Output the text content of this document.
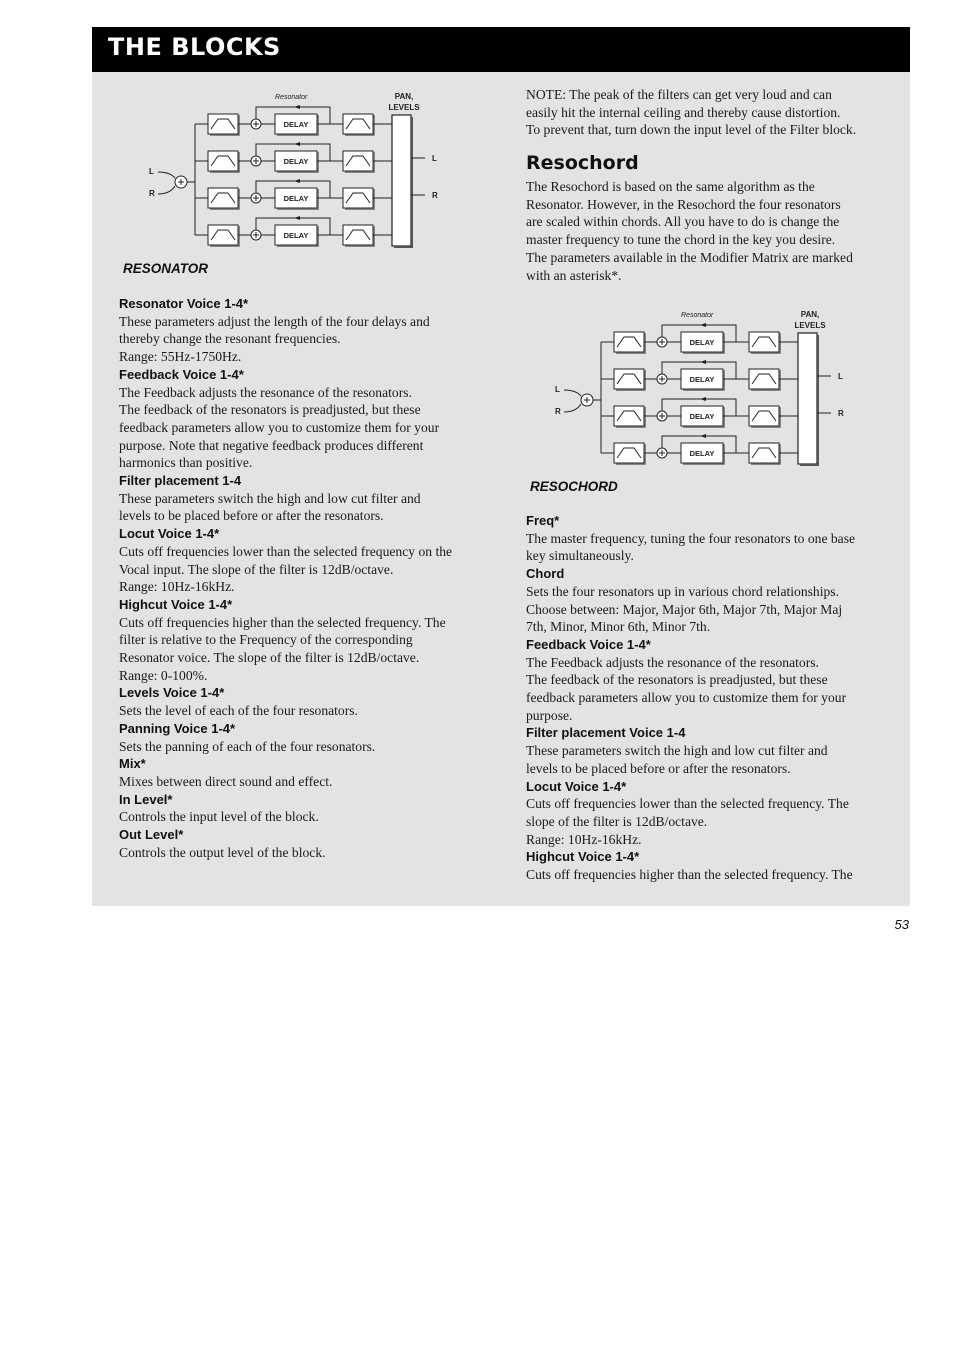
THE BLOCKS
Resonator	PAN,
LEVELS
L
R
L
R
DELAY
DELAY
DELAY
DELAY
RESONATOR
Resonator Voice 1-4*
These parameters adjust the length of the four delays and
thereby change the resonant frequencies.
Range: 55Hz-1750Hz.
Feedback Voice 1-4*
The Feedback adjusts the resonance of the resonators.
The feedback of the resonators is preadjusted, but these
feedback parameters allow you to customize them for your
purpose. Note that negative feedback produces different
harmonics than positive.
Filter placement 1-4
These parameters switch the high and low cut filter and
levels to be placed before or after the resonators.
Locut Voice 1-4*
Cuts off frequencies lower than the selected frequency on the
Vocal input. The slope of the filter is 12dB/octave.
Range: 10Hz-16kHz.
Highcut Voice 1-4*
Cuts off frequencies higher than the selected frequency. The
filter is relative to the Frequency of the corresponding
Resonator voice. The slope of the filter is 12dB/octave.
Range: 0-100%.
Levels Voice 1-4*
Sets the level of each of the four resonators.
Panning Voice 1-4*
Sets the panning of each of the four resonators.
Mix*
Mixes between direct sound and effect.
In Level*
Controls the input level of the block.
Out Level*
Controls the output level of the block.
NOTE: The peak of the filters can get very loud and can
easily hit the internal ceiling and thereby cause distortion.
To prevent that, turn down the input level of the Filter block.
Resochord
The Resochord is based on the same algorithm as the
Resonator. However, in the Resochord the four resonators
are scaled within chords. All you have to do is change the
master frequency to tune the chord in the key you desire.
The parameters available in the Modifier Matrix are marked
with an asterisk*.
Resonator	PAN,
LEVELS
L
R
L
R
DELAY
DELAY
DELAY
DELAY
RESOCHORD
Freq*
The master frequency, tuning the four resonators to one base
key simultaneously.
Chord
Sets the four resonators up in various chord relationships.
Choose between: Major, Major 6th, Major 7th, Major Maj
7th, Minor, Minor 6th, Minor 7th.
Feedback Voice 1-4*
The Feedback adjusts the resonance of the resonators.
The feedback of the resonators is preadjusted, but these
feedback parameters allow you to customize them for your
purpose.
Filter placement Voice 1-4
These parameters switch the high and low cut filter and
levels to be placed before or after the resonators.
Locut Voice 1-4*
Cuts off frequencies lower than the selected frequency. The
slope of the filter is 12dB/octave.
Range: 10Hz-16kHz.
Highcut Voice 1-4*
Cuts off frequencies higher than the selected frequency. The
53
